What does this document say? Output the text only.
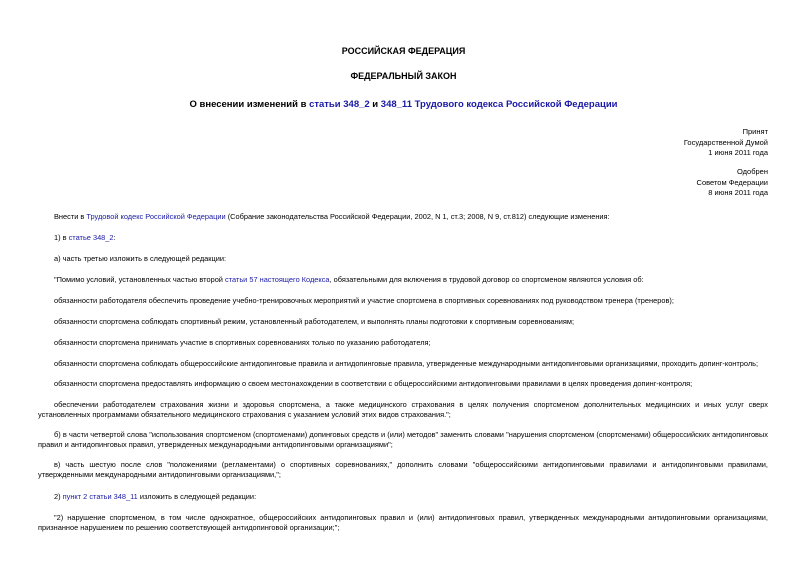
РОССИЙСКАЯ ФЕДЕРАЦИЯ
ФЕДЕРАЛЬНЫЙ ЗАКОН
О внесении изменений в статьи 348_2 и 348_11 Трудового кодекса Российской Федерации
Принят
Государственной Думой
1 июня 2011 года
Одобрен
Советом Федерации
8 июня 2011 года
Внести в Трудовой кодекс Российской Федерации (Собрание законодательства Российской Федерации, 2002, N 1, ст.3; 2008, N 9, ст.812) следующие изменения:
1) в статье 348_2:
а) часть третью изложить в следующей редакции:
"Помимо условий, установленных частью второй статьи 57 настоящего Кодекса, обязательными для включения в трудовой договор со спортсменом являются условия об:
обязанности работодателя обеспечить проведение учебно-тренировочных мероприятий и участие спортсмена в спортивных соревнованиях под руководством тренера (тренеров);
обязанности спортсмена соблюдать спортивный режим, установленный работодателем, и выполнять планы подготовки к спортивным соревнованиям;
обязанности спортсмена принимать участие в спортивных соревнованиях только по указанию работодателя;
обязанности спортсмена соблюдать общероссийские антидопинговые правила и антидопинговые правила, утвержденные международными антидопинговыми организациями, проходить допинг-контроль;
обязанности спортсмена предоставлять информацию о своем местонахождении в соответствии с общероссийскими антидопинговыми правилами в целях проведения допинг-контроля;
обеспечении работодателем страхования жизни и здоровья спортсмена, а также медицинского страхования в целях получения спортсменом дополнительных медицинских и иных услуг сверх установленных программами обязательного медицинского страхования с указанием условий этих видов страхования.";
б) в части четвертой слова "использования спортсменом (спортсменами) допинговых средств и (или) методов" заменить словами "нарушения спортсменом (спортсменами) общероссийских антидопинговых правил и антидопинговых правил, утвержденных международными антидопинговыми организациями";
в) часть шестую после слов "положениями (регламентами) о спортивных соревнованиях," дополнить словами "общероссийскими антидопинговыми правилами и антидопинговыми правилами, утвержденными международными антидопинговыми организациями,";
2) пункт 2 статьи 348_11 изложить в следующей редакции:
"2) нарушение спортсменом, в том числе однократное, общероссийских антидопинговых правил и (или) антидопинговых правил, утвержденных международными антидопинговыми организациями, признанное нарушением по решению соответствующей антидопинговой организации;";
